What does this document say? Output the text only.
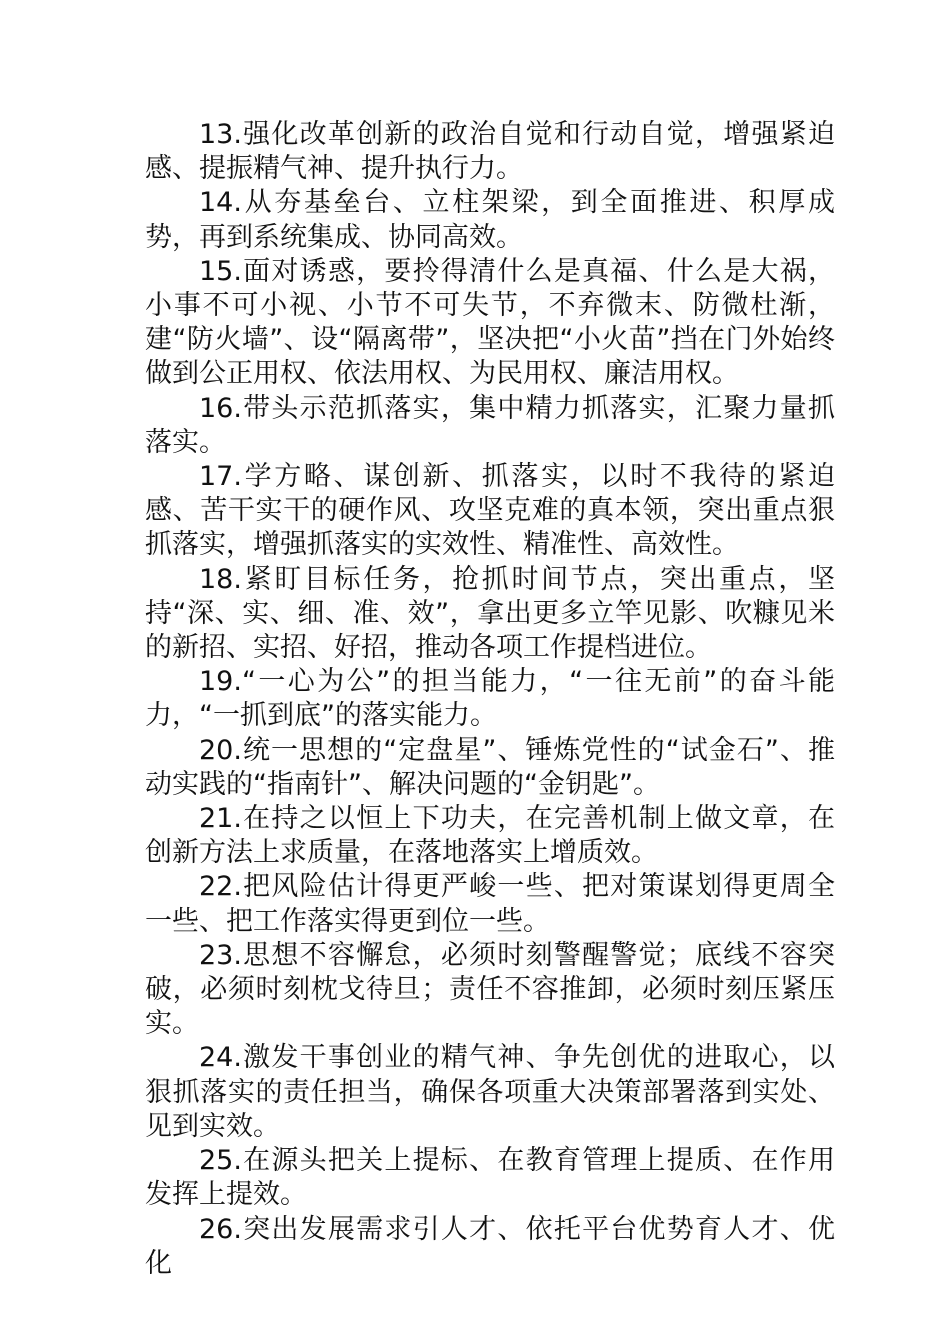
13.强化改革创新的政治自觉和行动自觉，增强紧迫感、提振精气神、提升执行力。

14.从夯基垒台、立柱架梁，到全面推进、积厚成势，再到系统集成、协同高效。

15.面对诱惑，要拎得清什么是真福、什么是大祸，小事不可小视、小节不可失节，不弃微末、防微杜渐，建“防火墙”、设“隔离带”，坚决把“小火苗”挡在门外始终做到公正用权、依法用权、为民用权、廉洁用权。

16.带头示范抓落实，集中精力抓落实，汇聚力量抓落实。

17.学方略、谋创新、抓落实，以时不我待的紧迫感、苦干实干的硬作风、攻坚克难的真本领，突出重点狠抓落实，增强抓落实的实效性、精准性、高效性。

18.紧盯目标任务，抢抓时间节点，突出重点，坚持“深、实、细、准、效”，拿出更多立竿见影、吹糠见米的新招、实招、好招，推动各项工作提档进位。

19.“一心为公”的担当能力，“一往无前”的奋斗能力，“一抓到底”的落实能力。

20.统一思想的“定盘星”、锤炼党性的“试金石”、推动实践的“指南针”、解决问题的“金钥匙”。

21.在持之以恒上下功夫，在完善机制上做文章，在创新方法上求质量，在落地落实上增质效。

22.把风险估计得更严峻一些、把对策谋划得更周全一些、把工作落实得更到位一些。

23.思想不容懈怠，必须时刻警醒警觉；底线不容突破，必须时刻枕戈待旦；责任不容推卸，必须时刻压紧压实。

24.激发干事创业的精气神、争先创优的进取心，以狠抓落实的责任担当，确保各项重大决策部署落到实处、见到实效。

25.在源头把关上提标、在教育管理上提质、在作用发挥上提效。

26.突出发展需求引人才、依托平台优势育人才、优化
